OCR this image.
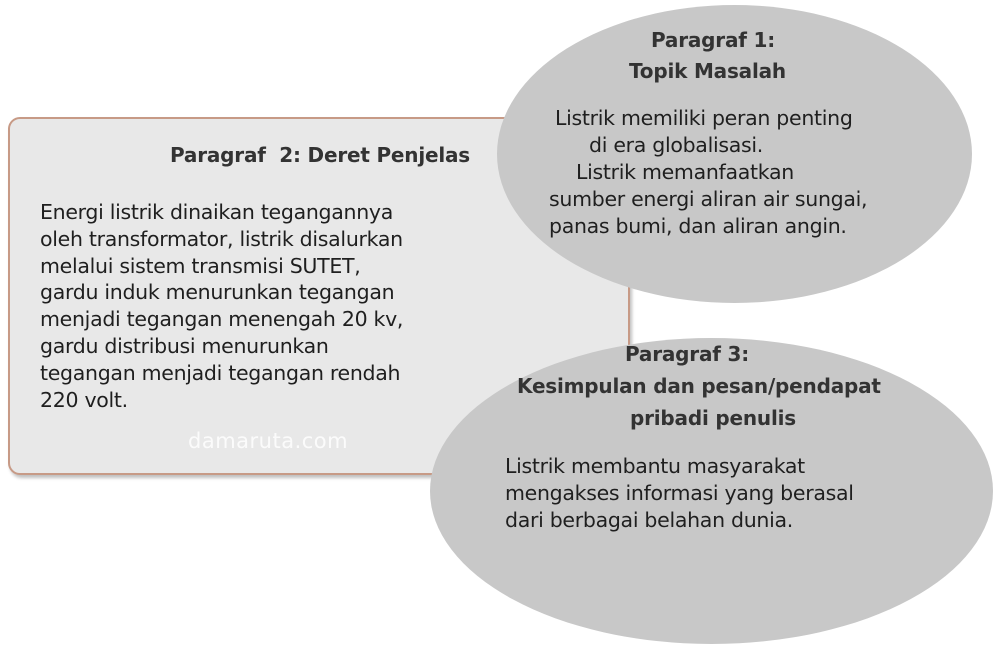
Paragraf  2: Deret Penjelas
Energi listrik dinaikan tegangannya
oleh transformator, listrik disalurkan
melalui sistem transmisi SUTET,
gardu induk menurunkan tegangan
menjadi tegangan menengah 20 kv,
gardu distribusi menurunkan
tegangan menjadi tegangan rendah
220 volt.
damaruta.com
Paragraf 1:
Topik Masalah
Listrik memiliki peran penting
di era globalisasi.
Listrik memanfaatkan
sumber energi aliran air sungai,
panas bumi, dan aliran angin.
Paragraf 3:
Kesimpulan dan pesan/pendapat
pribadi penulis
Listrik membantu masyarakat
mengakses informasi yang berasal
dari berbagai belahan dunia.
